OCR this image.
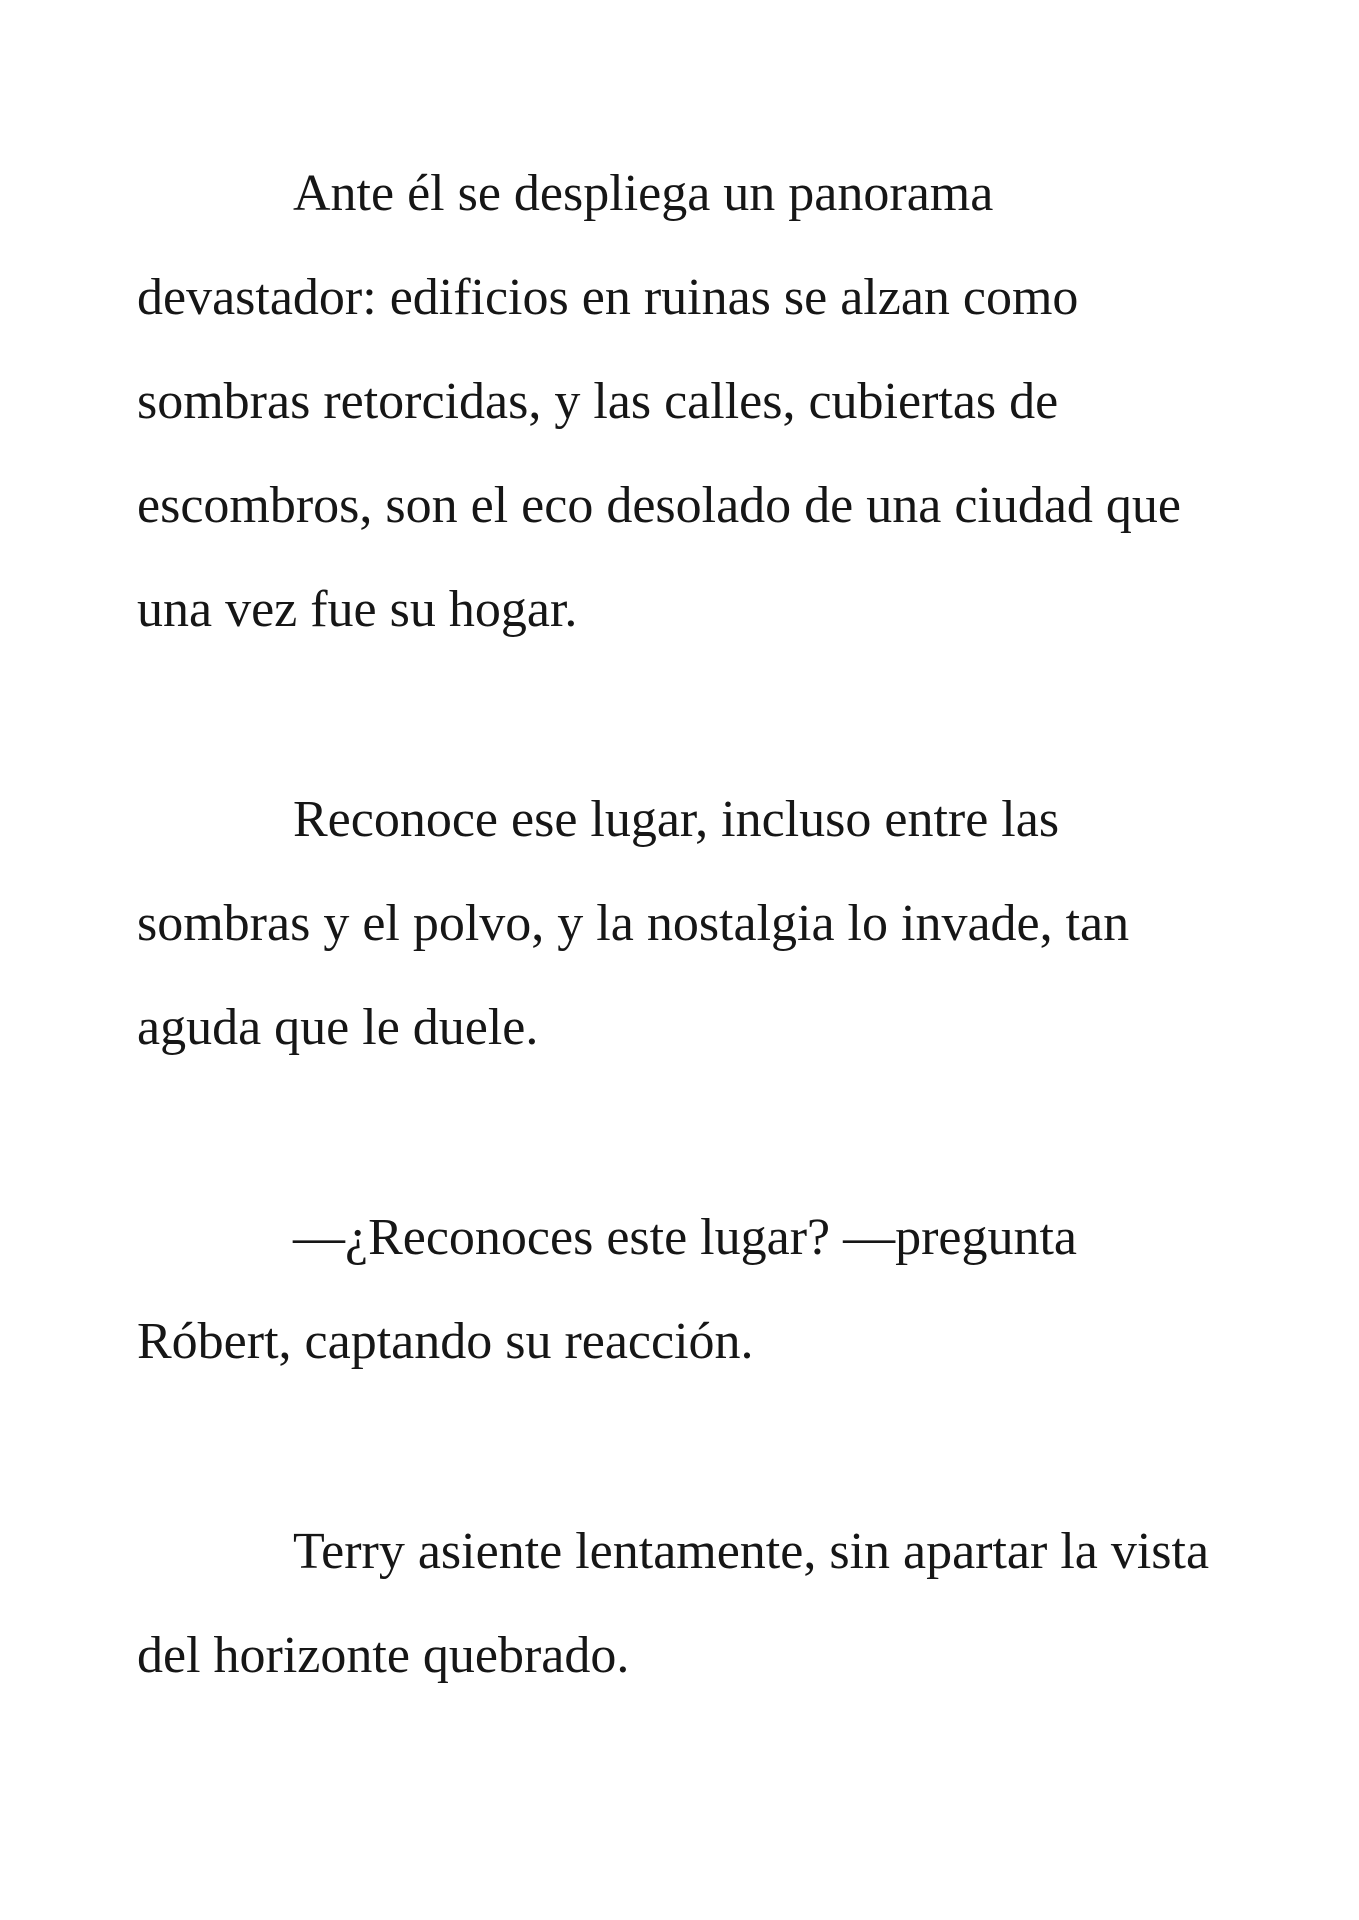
Ante él se despliega un panorama
devastador: edificios en ruinas se alzan como
sombras retorcidas, y las calles, cubiertas de
escombros, son el eco desolado de una ciudad que
una vez fue su hogar.

Reconoce ese lugar, incluso entre las
sombras y el polvo, y la nostalgia lo invade, tan
aguda que le duele.

—¿Reconoces este lugar? —pregunta
Róbert, captando su reacción.

Terry asiente lentamente, sin apartar la vista
del horizonte quebrado.
